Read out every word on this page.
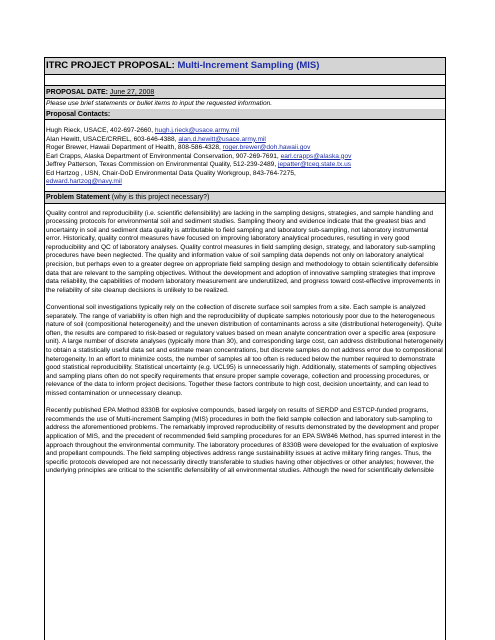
ITRC PROJECT PROPOSAL: Multi-Increment Sampling (MIS)
PROPOSAL DATE: June 27, 2008
Please use brief statements or bullet items to input the requested information.
Proposal Contacts:
Hugh Rieck, USACE, 402-697-2660, hugh.j.rieck@usace.army.mil
Alan Hewitt, USACE/CRREL, 603-646-4388, alan.d.hewitt@usace.army.mil
Roger Brewer, Hawaii Department of Health, 808-586-4328, roger.brewer@doh.hawaii.gov
Earl Crapps, Alaska Department of Environmental Conservation, 907-269-7691, earl.crapps@alaska.gov
Jeffrey Patterson, Texas Commission on Environmental Quality, 512-239-2489, jepatter@tceq.state.tx.us
Ed Hartzog , USN, Chair-DoD Environmental Data Quality Workgroup, 843-764-7275,
edward.hartzog@navy.mil
Problem Statement (why is this project necessary?)

Quality control and reproducibility (i.e. scientific defensibility) are lacking in the sampling designs, strategies, and sample handling and processing protocols for environmental soil and sediment studies. Sampling theory and evidence indicate that the greatest bias and uncertainty in soil and sediment data quality is attributable to field sampling and laboratory sub-sampling, not laboratory instrumental error. Historically, quality control measures have focused on improving laboratory analytical procedures, resulting in very good reproducibility and QC of laboratory analyses. Quality control measures in field sampling design, strategy, and laboratory sub-sampling procedures have been neglected. The quality and information value of soil sampling data depends not only on laboratory analytical precision, but perhaps even to a greater degree on appropriate field sampling design and methodology to obtain scientifically defensible data that are relevant to the sampling objectives. Without the development and adoption of innovative sampling strategies that improve data reliability, the capabilities of modern laboratory measurement are underutilized, and progress toward cost-effective improvements in the reliability of site cleanup decisions is unlikely to be realized.

Conventional soil investigations typically rely on the collection of discrete surface soil samples from a site. Each sample is analyzed separately. The range of variability is often high and the reproducibility of duplicate samples notoriously poor due to the heterogeneous nature of soil (compositional heterogeneity) and the uneven distribution of contaminants across a site (distributional heterogeneity). Quite often, the results are compared to risk-based or regulatory values based on mean analyte concentration over a specific area (exposure unit). A large number of discrete analyses (typically more than 30), and corresponding large cost, can address distributional heterogeneity to obtain a statistically useful data set and estimate mean concentrations, but discrete samples do not address error due to compositional heterogeneity. In an effort to minimize costs, the number of samples all too often is reduced below the number required to demonstrate good statistical reproducibility. Statistical uncertainty (e.g. UCL95) is unnecessarily high. Additionally, statements of sampling objectives and sampling plans often do not specify requirements that ensure proper sample coverage, collection and processing procedures, or relevance of the data to inform project decisions. Together these factors contribute to high cost, decision uncertainty, and can lead to missed contamination or unnecessary cleanup.

Recently published EPA Method 8330B for explosive compounds, based largely on results of SERDP and ESTCP-funded programs, recommends the use of Multi-increment Sampling (MIS) procedures in both the field sample collection and laboratory sub-sampling to address the aforementioned problems. The remarkably improved reproducibility of results demonstrated by the development and proper application of MIS, and the precedent of recommended field sampling procedures for an EPA SW846 Method, has spurred interest in the approach throughout the environmental community. The laboratory procedures of 8330B were developed for the evaluation of explosive and propellant compounds. The field sampling objectives address range sustainability issues at active military firing ranges. Thus, the specific protocols developed are not necessarily directly transferable to studies having other objectives or other analytes; however, the underlying principles are critical to the scientific defensibility of all environmental studies. Although the need for scientifically defensible
